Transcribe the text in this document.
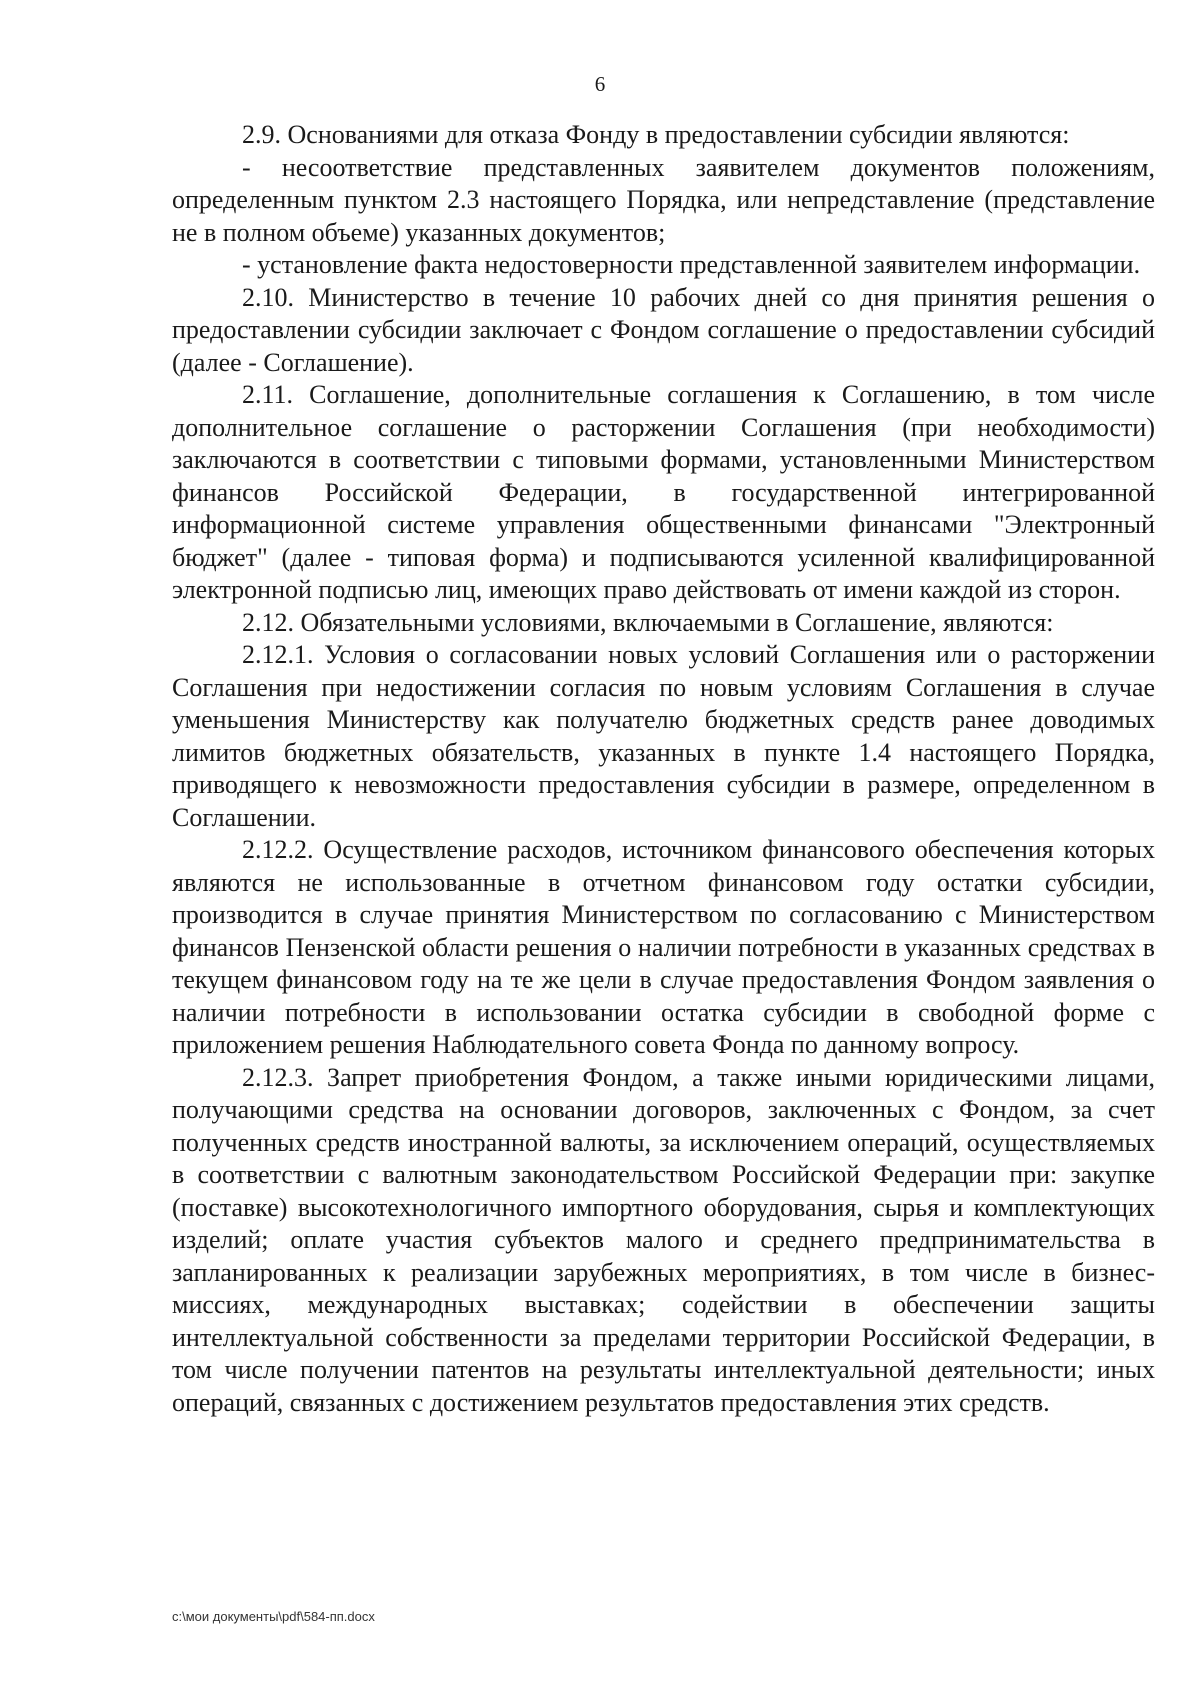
6

2.9. Основаниями для отказа Фонду в предоставлении субсидии являются:

- несоответствие представленных заявителем документов положениям, определенным пунктом 2.3 настоящего Порядка, или непредставление (представление не в полном объеме) указанных документов;

- установление факта недостоверности представленной заявителем информации.

2.10. Министерство в течение 10 рабочих дней со дня принятия решения о предоставлении субсидии заключает с Фондом соглашение о предоставлении субсидий (далее - Соглашение).

2.11. Соглашение, дополнительные соглашения к Соглашению, в том числе дополнительное соглашение о расторжении Соглашения (при необходимости) заключаются в соответствии с типовыми формами, установленными Министерством финансов Российской Федерации, в государственной интегрированной информационной системе управления общественными финансами "Электронный бюджет" (далее - типовая форма) и подписываются усиленной квалифицированной электронной подписью лиц, имеющих право действовать от имени каждой из сторон.

2.12. Обязательными условиями, включаемыми в Соглашение, являются:

2.12.1. Условия о согласовании новых условий Соглашения или о расторжении Соглашения при недостижении согласия по новым условиям Соглашения в случае уменьшения Министерству как получателю бюджетных средств ранее доводимых лимитов бюджетных обязательств, указанных в пункте 1.4 настоящего Порядка, приводящего к невозможности предоставления субсидии в размере, определенном в Соглашении.

2.12.2. Осуществление расходов, источником финансового обеспечения которых являются не использованные в отчетном финансовом году остатки субсидии, производится в случае принятия Министерством по согласованию с Министерством финансов Пензенской области решения о наличии потребности в указанных средствах в текущем финансовом году на те же цели в случае предоставления Фондом заявления о наличии потребности в использовании остатка субсидии в свободной форме с приложением решения Наблюдательного совета Фонда по данному вопросу.

2.12.3. Запрет приобретения Фондом, а также иными юридическими лицами, получающими средства на основании договоров, заключенных с Фондом, за счет полученных средств иностранной валюты, за исключением операций, осуществляемых в соответствии с валютным законодательством Российской Федерации при: закупке (поставке) высокотехнологичного импортного оборудования, сырья и комплектующих изделий; оплате участия субъектов малого и среднего предпринимательства в запланированных к реализации зарубежных мероприятиях, в том числе в бизнес-миссиях, международных выставках; содействии в обеспечении защиты интеллектуальной собственности за пределами территории Российской Федерации, в том числе получении патентов на результаты интеллектуальной деятельности; иных операций, связанных с достижением результатов предоставления этих средств.

c:\мои документы\pdf\584-пп.docx
